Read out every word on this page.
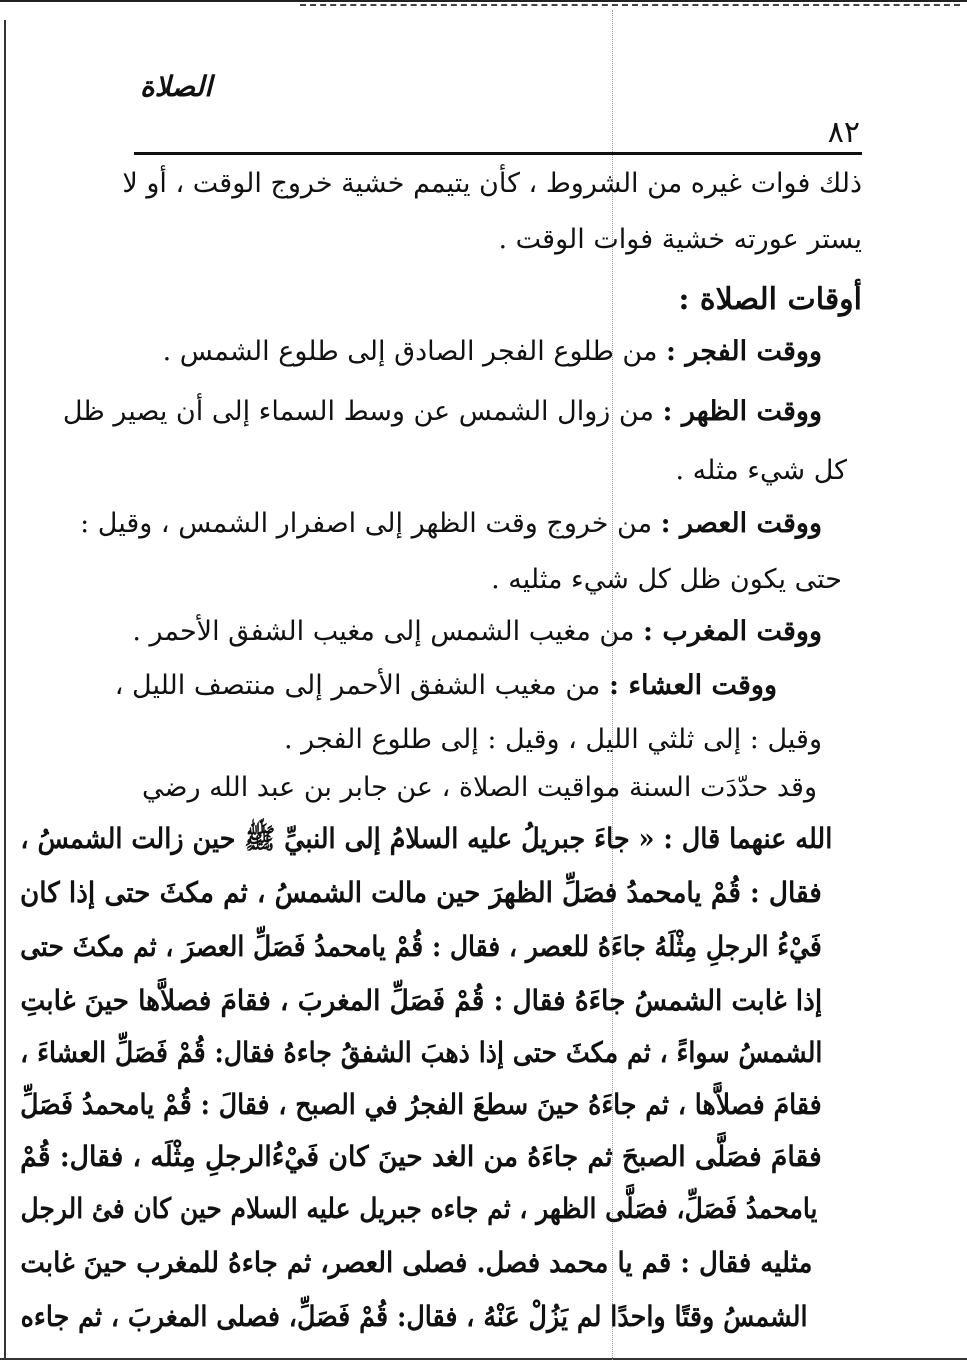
الصلاة
٨٢
ذلك فوات غيره من الشروط ، كأن يتيمم خشية خروج الوقت ، أو لا
يستر عورته خشية فوات الوقت .
أوقات الصلاة :
ووقت الفجر : من طلوع الفجر الصادق إلى طلوع الشمس .
ووقت الظهر : من زوال الشمس عن وسط السماء إلى أن يصير ظل
كل شيء مثله .
ووقت العصر : من خروج وقت الظهر إلى اصفرار الشمس ، وقيل :
حتى يكون ظل كل شيء مثليه .
ووقت المغرب : من مغيب الشمس إلى مغيب الشفق الأحمر .
ووقت العشاء : من مغيب الشفق الأحمر إلى منتصف الليل ،
وقيل : إلى ثلثي الليل ، وقيل : إلى طلوع الفجر .
وقد حدّدَت السنة مواقيت الصلاة ، عن جابر بن عبد الله رضي
الله عنهما قال : « جاءَ جبريلُ عليه السلامُ إلى النبيِّ ﷺ حين زالت الشمسُ ،
فقال : قُمْ يامحمدُ فصَلِّ الظهرَ حين مالت الشمسُ ، ثم مكثَ حتى إذا كان
فَيْءُ الرجلِ مِثْلَهُ جاءَهُ للعصر ، فقال : قُمْ يامحمدُ فَصَلِّ العصرَ ، ثم مكثَ حتى
إذا غابت الشمسُ جاءَهُ فقال : قُمْ فَصَلِّ المغربَ ، فقامَ فصلاَّها حينَ غابتِ
الشمسُ سواءً ، ثم مكثَ حتى إذا ذهبَ الشفقُ جاءهُ فقال: قُمْ فَصَلِّ العشاءَ ،
فقامَ فصلاَّها ، ثم جاءَهُ حينَ سطعَ الفجرُ في الصبح ، فقالَ : قُمْ يامحمدُ فَصَلِّ
فقامَ فصَلَّى الصبحَ ثم جاءَهُ من الغد حينَ كان فَيْءُالرجلِ مِثْلَه ، فقال: قُمْ
يامحمدُ فَصَلِّ، فصَلَّى الظهر ، ثم جاءه جبريل عليه السلام حين كان فئ الرجل
مثليه فقال : قم يا محمد فصل. فصلى العصر، ثم جاءهُ للمغرب حينَ غابت
الشمسُ وقتًا واحدًا لم يَزُلْ عَنْهُ ، فقال: قُمْ فَصَلِّ، فصلى المغربَ ، ثم جاءه
